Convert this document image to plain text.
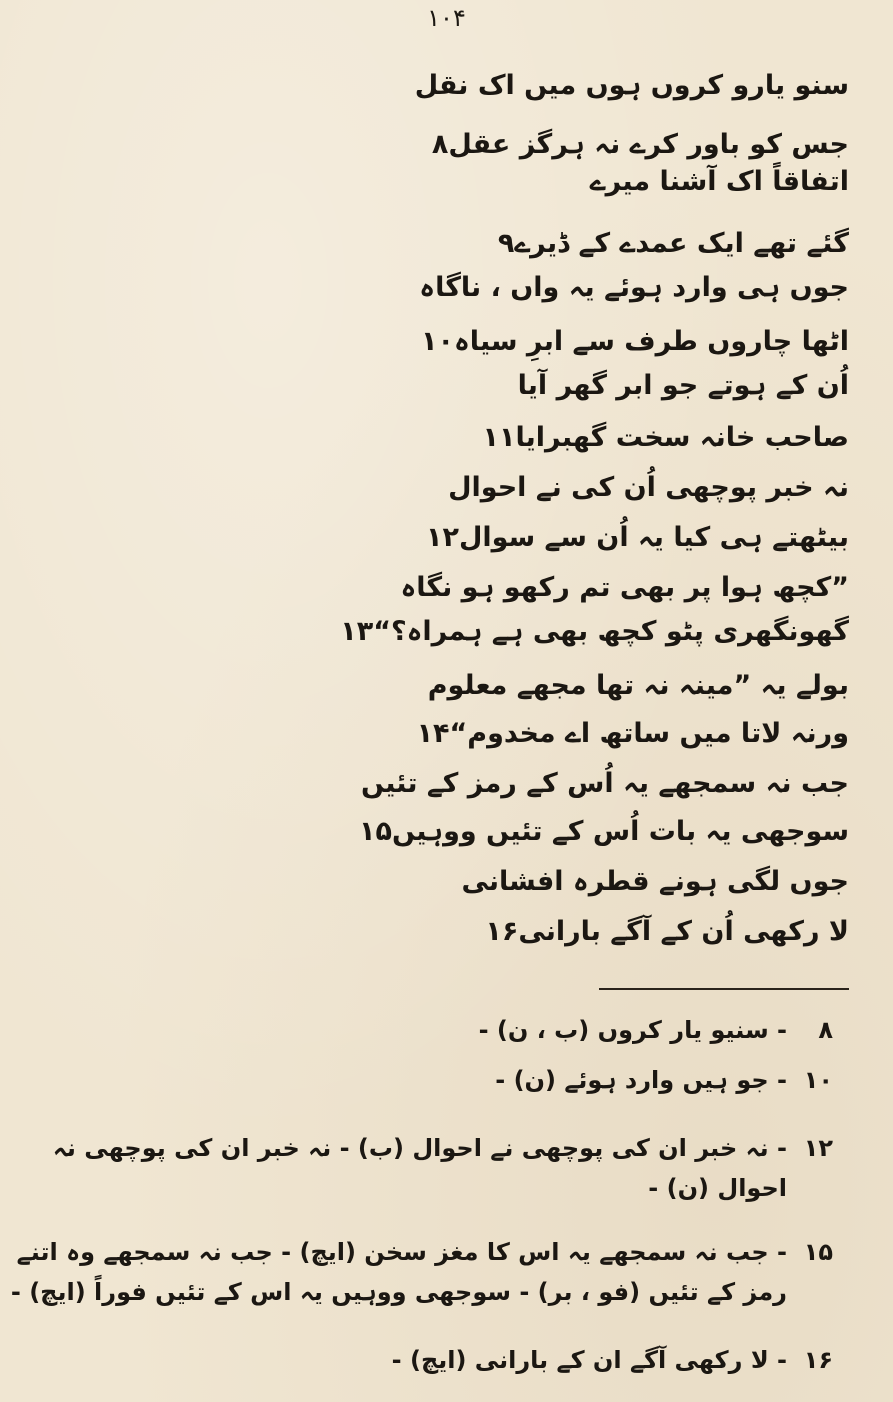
۱۰۴
سنو یارو کروں ہوں میں اک نقل
جس کو باور کرے نہ ہرگز عقل۸
اتفاقاً اک آشنا میرے
گئے تھے ایک عمدے کے ڈیرے۹
جوں ہی وارد ہوئے یہ واں ، ناگاہ
اٹھا چاروں طرف سے ابرِ سیاہ۱۰
اُن کے ہوتے جو ابر گھر آیا
صاحب خانہ سخت گھبرایا۱۱
نہ خبر پوچھی اُن کی نے احوال
بیٹھتے ہی کیا یہ اُن سے سوال۱۲
”کچھ ہوا پر بھی تم رکھو ہو نگاہ
گھونگھری پٹو کچھ بھی ہے ہمراہ؟“۱۳
بولے یہ ”مینہ نہ تھا مجھے معلوم
ورنہ لاتا میں ساتھ اے مخدوم“۱۴
جب نہ سمجھے یہ اُس کے رمز کے تئیں
سوجھی یہ بات اُس کے تئیں ووہیں۱۵
جوں لگی ہونے قطرہ افشانی
لا رکھی اُن کے آگے بارانی۱۶
۸- سنیو یار کروں (ب ، ن) -
۱۰- جو ہیں وارد ہوئے (ن) -
۱۲- نہ خبر ان کی پوچھی نے احوال (ب) - نہ خبر ان کی پوچھی نہ
احوال (ن) -
۱۵- جب نہ سمجھے یہ اس کا مغز سخن (ایچ) - جب نہ سمجھے وہ اتنے
رمز کے تئیں (فو ، بر) - سوجھی ووہیں یہ اس کے تئیں فوراً (ایچ) -
۱۶- لا رکھی آگے ان کے بارانی (ایچ) -
